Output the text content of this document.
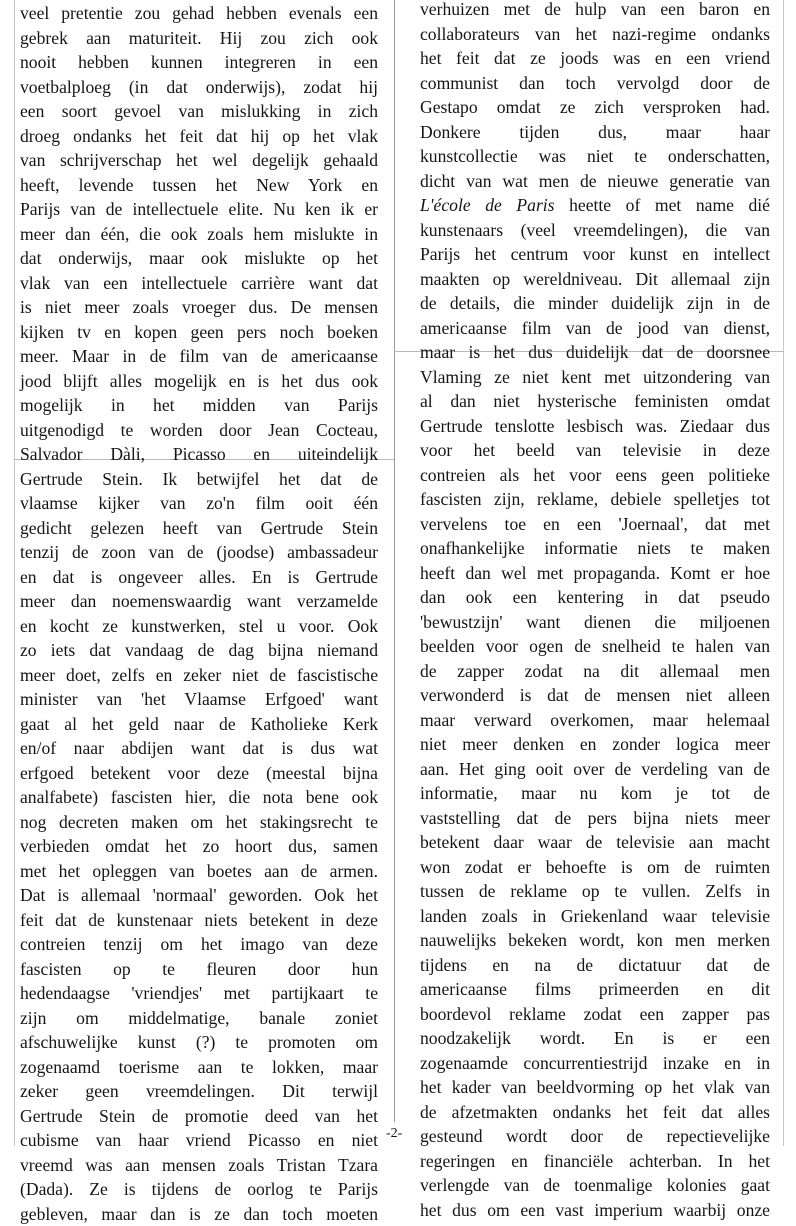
veel pretentie zou gehad hebben evenals een
gebrek aan maturiteit. Hij zou zich ook
nooit hebben kunnen integreren in een
voetbalploeg (in dat onderwijs), zodat hij
een soort gevoel van mislukking in zich
droeg ondanks het feit dat hij op het vlak
van schrijverschap het wel degelijk gehaald
heeft, levende tussen het New York en
Parijs van de intellectuele elite. Nu ken ik er
meer dan één, die ook zoals hem mislukte in
dat onderwijs, maar ook mislukte op het
vlak van een intellectuele carrière want dat
is niet meer zoals vroeger dus. De mensen
kijken tv en kopen geen pers noch boeken
meer. Maar in de film van de americaanse
jood blijft alles mogelijk en is het dus ook
mogelijk in het midden van Parijs
uitgenodigd te worden door Jean Cocteau,
Salvador Dàli, Picasso en uiteindelijk
Gertrude Stein. Ik betwijfel het dat de
vlaamse kijker van zo'n film ooit één
gedicht gelezen heeft van Gertrude Stein
tenzij de zoon van de (joodse) ambassadeur
en dat is ongeveer alles. En is Gertrude
meer dan noemenswaardig want verzamelde
en kocht ze kunstwerken, stel u voor. Ook
zo iets dat vandaag de dag bijna niemand
meer doet, zelfs en zeker niet de fascistische
minister van 'het Vlaamse Erfgoed' want
gaat al het geld naar de Katholieke Kerk
en/of naar abdijen want dat is dus wat
erfgoed betekent voor deze (meestal bijna
analfabete) fascisten hier, die nota bene ook
nog decreten maken om het stakingsrecht te
verbieden omdat het zo hoort dus, samen
met het opleggen van boetes aan de armen.
Dat is allemaal 'normaal' geworden. Ook het
feit dat de kunstenaar niets betekent in deze
contreien tenzij om het imago van deze
fascisten op te fleuren door hun
hedendaagse 'vriendjes' met partijkaart te
zijn om middelmatige, banale zoniet
afschuwelijke kunst (?) te promoten om
zogenaamd toerisme aan te lokken, maar
zeker geen vreemdelingen. Dit terwijl
Gertrude Stein de promotie deed van het
cubisme van haar vriend Picasso en niet
vreemd was aan mensen zoals Tristan Tzara
(Dada). Ze is tijdens de oorlog te Parijs
gebleven, maar dan is ze dan toch moeten
verhuizen met de hulp van een baron en
collaborateurs van het nazi-regime ondanks
het feit dat ze joods was en een vriend
communist dan toch vervolgd door de
Gestapo omdat ze zich versproken had.
Donkere tijden dus, maar haar
kunstcollectie was niet te onderschatten,
dicht van wat men de nieuwe generatie van
L'école de Paris heette of met name dié
kunstenaars (veel vreemdelingen), die van
Parijs het centrum voor kunst en intellect
maakten op wereldniveau. Dit allemaal zijn
de details, die minder duidelijk zijn in de
americaanse film van de jood van dienst,
maar is het dus duidelijk dat de doorsnee
Vlaming ze niet kent met uitzondering van
al dan niet hysterische feministen omdat
Gertrude tenslotte lesbisch was. Ziedaar dus
voor het beeld van televisie in deze
contreien als het voor eens geen politieke
fascisten zijn, reklame, debiele spelletjes tot
vervelens toe en een 'Joernaal', dat met
onafhankelijke informatie niets te maken
heeft dan wel met propaganda. Komt er hoe
dan ook een kentering in dat pseudo
'bewustzijn' want dienen die miljoenen
beelden voor ogen de snelheid te halen van
de zapper zodat na dit allemaal men
verwonderd is dat de mensen niet alleen
maar verward overkomen, maar helemaal
niet meer denken en zonder logica meer
aan. Het ging ooit over de verdeling van de
informatie, maar nu kom je tot de
vaststelling dat de pers bijna niets meer
betekent daar waar de televisie aan macht
won zodat er behoefte is om de ruimten
tussen de reklame op te vullen. Zelfs in
landen zoals in Griekenland waar televisie
nauwelijks bekeken wordt, kon men merken
tijdens en na de dictatuur dat de
americaanse films primeerden en dit
boordevol reklame zodat een zapper pas
noodzakelijk wordt. En is er een
zogenaamde concurrentiestrijd inzake en in
het kader van beeldvorming op het vlak van
de afzetmakten ondanks het feit dat alles
gesteund wordt door de repectievelijke
regeringen en financiële achterban. In het
verlengde van de toenmalige kolonies gaat
het dus om een vast imperium waarbij onze
-2-
